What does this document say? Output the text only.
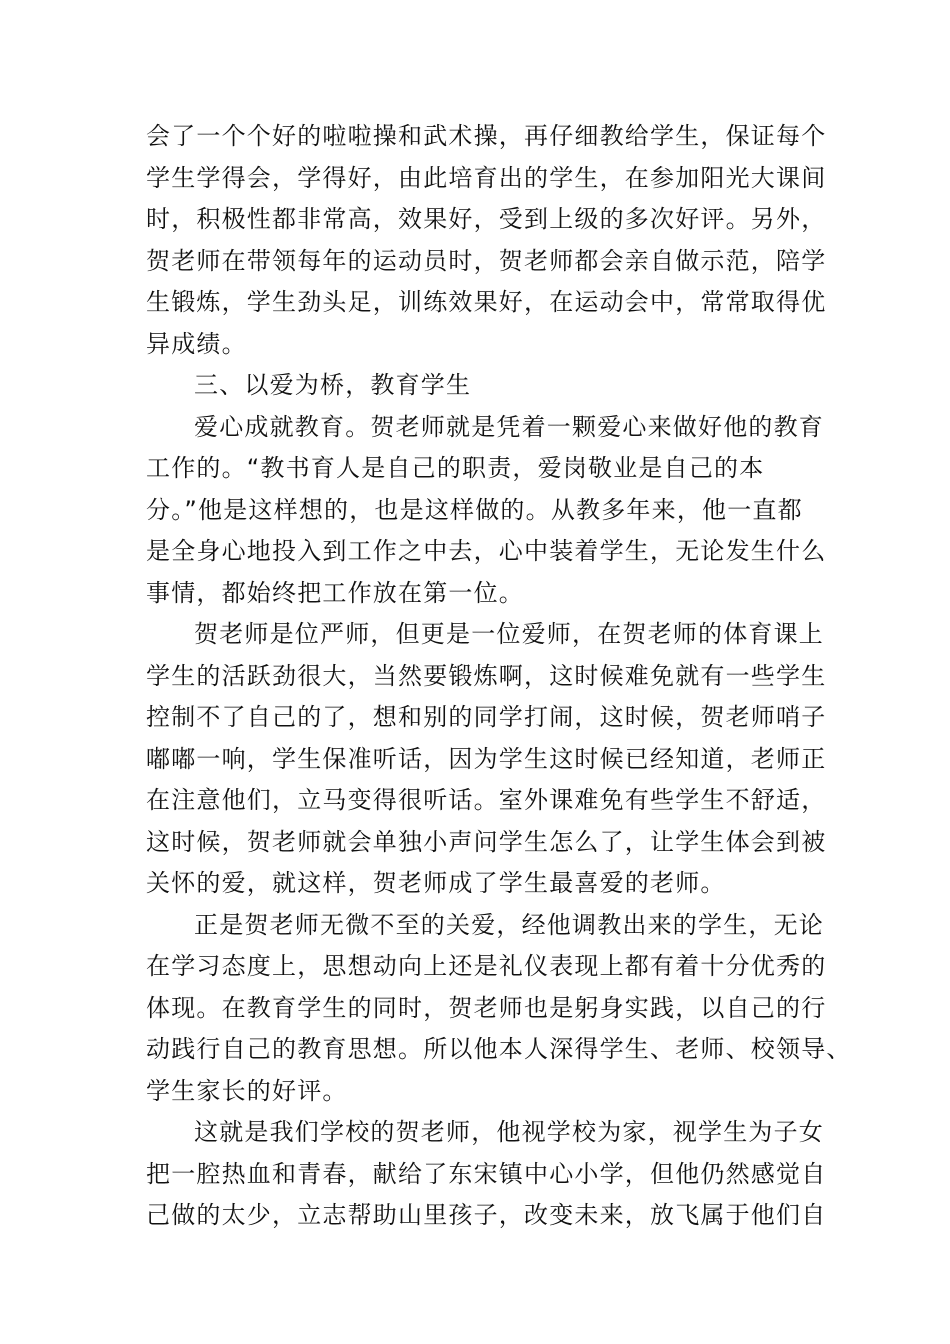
会了一个个好的啦啦操和武术操，再仔细教给学生，保证每个
学生学得会，学得好，由此培育出的学生，在参加阳光大课间
时，积极性都非常高，效果好，受到上级的多次好评。另外，
贺老师在带领每年的运动员时，贺老师都会亲自做示范，陪学
生锻炼，学生劲头足，训练效果好，在运动会中，常常取得优
异成绩。
三、以爱为桥，教育学生
爱心成就教育。贺老师就是凭着一颗爱心来做好他的教育
工作的。“教书育人是自己的职责，爱岗敬业是自己的本
分。”他是这样想的，也是这样做的。从教多年来，他一直都
是全身心地投入到工作之中去，心中装着学生，无论发生什么
事情，都始终把工作放在第一位。
贺老师是位严师，但更是一位爱师，在贺老师的体育课上
学生的活跃劲很大，当然要锻炼啊，这时候难免就有一些学生
控制不了自己的了，想和别的同学打闹，这时候，贺老师哨子
嘟嘟一响，学生保准听话，因为学生这时候已经知道，老师正
在注意他们，立马变得很听话。室外课难免有些学生不舒适，
这时候，贺老师就会单独小声问学生怎么了，让学生体会到被
关怀的爱，就这样，贺老师成了学生最喜爱的老师。
正是贺老师无微不至的关爱，经他调教出来的学生，无论
在学习态度上，思想动向上还是礼仪表现上都有着十分优秀的
体现。在教育学生的同时，贺老师也是躬身实践，以自己的行
动践行自己的教育思想。所以他本人深得学生、老师、校领导、
学生家长的好评。
这就是我们学校的贺老师，他视学校为家，视学生为子女
把一腔热血和青春，献给了东宋镇中心小学，但他仍然感觉自
己做的太少，立志帮助山里孩子，改变未来，放飞属于他们自
